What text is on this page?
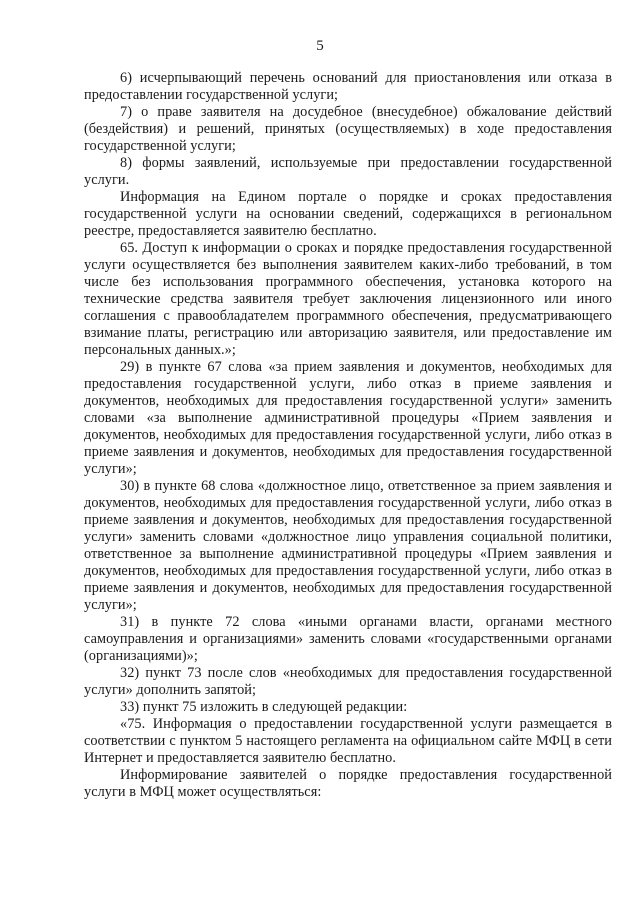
5

6) исчерпывающий перечень оснований для приостановления или отказа в предоставлении государственной услуги;

7) о праве заявителя на досудебное (внесудебное) обжалование действий (бездействия) и решений, принятых (осуществляемых) в ходе предоставления государственной услуги;

8) формы заявлений, используемые при предоставлении государственной услуги.

Информация на Едином портале о порядке и сроках предоставления государственной услуги на основании сведений, содержащихся в региональном реестре, предоставляется заявителю бесплатно.

65. Доступ к информации о сроках и порядке предоставления государственной услуги осуществляется без выполнения заявителем каких-либо требований, в том числе без использования программного обеспечения, установка которого на технические средства заявителя требует заключения лицензионного или иного соглашения с правообладателем программного обеспечения, предусматривающего взимание платы, регистрацию или авторизацию заявителя, или предоставление им персональных данных.»;

29) в пункте 67 слова «за прием заявления и документов, необходимых для предоставления государственной услуги, либо отказ в приеме заявления и документов, необходимых для предоставления государственной услуги» заменить словами «за выполнение административной процедуры «Прием заявления и документов, необходимых для предоставления государственной услуги, либо отказ в приеме заявления и документов, необходимых для предоставления государственной услуги»;

30) в пункте 68 слова «должностное лицо, ответственное за прием заявления и документов, необходимых для предоставления государственной услуги, либо отказ в приеме заявления и документов, необходимых для предоставления государственной услуги» заменить словами «должностное лицо управления социальной политики, ответственное за выполнение административной процедуры «Прием заявления и документов, необходимых для предоставления государственной услуги, либо отказ в приеме заявления и документов, необходимых для предоставления государственной услуги»;

31) в пункте 72 слова «иными органами власти, органами местного самоуправления и организациями» заменить словами «государственными органами (организациями)»;

32) пункт 73 после слов «необходимых для предоставления государственной услуги» дополнить запятой;

33) пункт 75 изложить в следующей редакции:

«75. Информация о предоставлении государственной услуги размещается в соответствии с пунктом 5 настоящего регламента на официальном сайте МФЦ в сети Интернет и предоставляется заявителю бесплатно.

Информирование заявителей о порядке предоставления государственной услуги в МФЦ может осуществляться:
